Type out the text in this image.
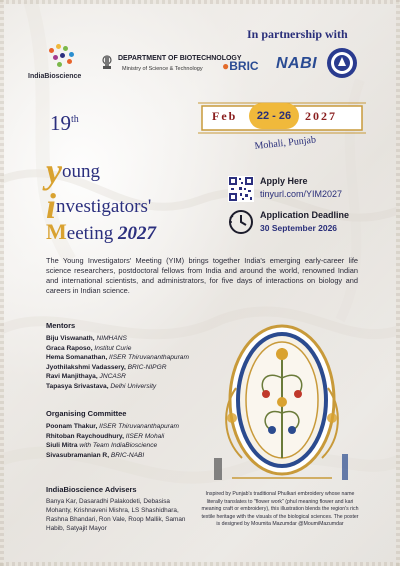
IndiaBioscience
DEPARTMENT OF BIOTECHNOLOGY
Ministry of Science & Technology
In partnership with
●BRIC NABI
Feb	22 - 26	2027
Mohali, Punjab
19th
young
investigators'
Meeting 2027
Apply Here
tinyurl.com/YIM2027
Application Deadline
30 September 2026
The Young Investigators' Meeting (YIM) brings together India's emerging early-career life science researchers, postdoctoral fellows from India and around the world, renowned Indian and international scientists, and administrators, for five days of interactions on biology and careers in Indian science.
Mentors
Biju Viswanath, NIMHANS
Graca Raposo, Institut Curie
Hema Somanathan, IISER Thiruvananthapuram
Jyothilakshmi Vadassery, BRIC-NIPGR
Ravi Manjithaya, JNCASR
Tapasya Srivastava, Delhi University
Organising Committee
Poonam Thakur, IISER Thiruvananthapuram
Rhitoban Raychoudhury, IISER Mohali
Siuli Mitra with Team IndiaBioscience
Sivasubramanian R, BRIC-NABI
IndiaBioscience Advisers
Banya Kar, Dasaradhi Palakodeti, Debasisa Mohanty, Krishnaveni Mishra, LS Shashidhara, Rashna Bhandari, Ron Vale, Roop Mallik, Saman Habib, Satyajit Mayor
Inspired by Punjab's traditional Phulkari embroidery whose name literally translates to "flower work" (phul meaning flower and kari meaning craft or embroidery), this illustration blends the region's rich textile heritage with the visuals of the biological sciences. The poster is designed by Moumita Mazumdar @MoumiMazumdar
